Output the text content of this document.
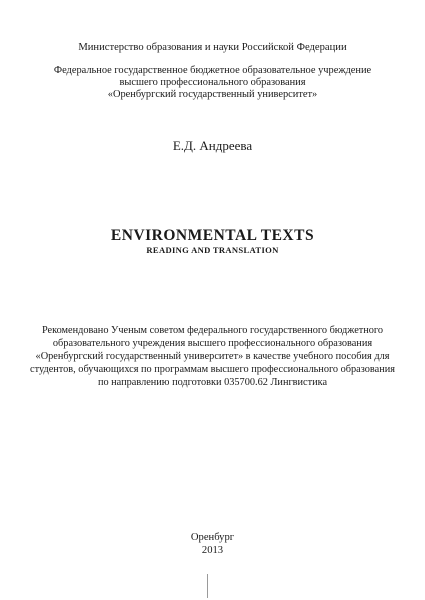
Министерство образования и науки Российской Федерации
Федеральное государственное бюджетное образовательное учреждение
высшего профессионального образования
«Оренбургский государственный университет»
Е.Д. Андреева
ENVIRONMENTAL TEXTS
READING AND TRANSLATION
Рекомендовано Ученым советом федерального государственного бюджетного
образовательного учреждения высшего профессионального образования
«Оренбургский государственный университет» в качестве учебного пособия для
студентов, обучающихся по программам высшего профессионального образования
по направлению подготовки 035700.62 Лингвистика
Оренбург
2013
